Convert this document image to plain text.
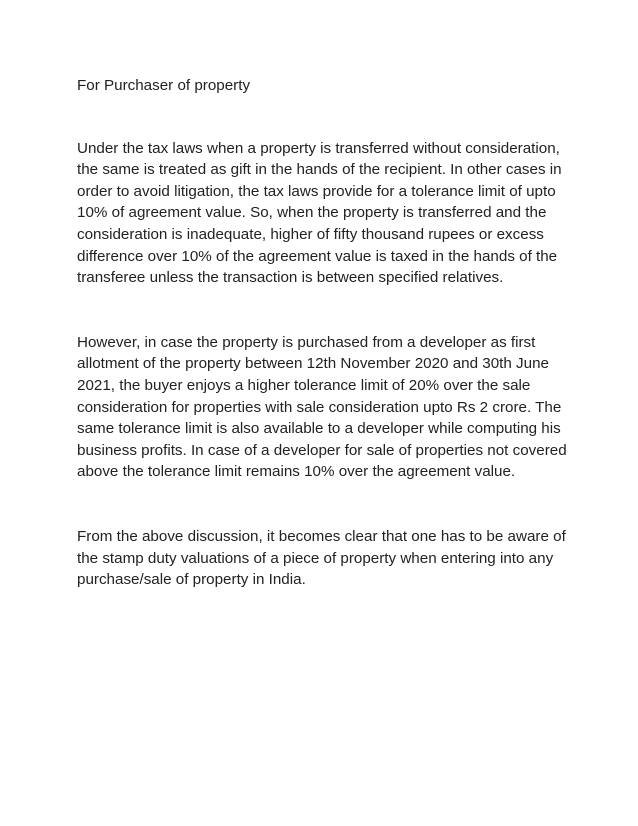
For Purchaser of property
Under the tax laws when a property is transferred without consideration, the same is treated as gift in the hands of the recipient. In other cases in order to avoid litigation, the tax laws provide for a tolerance limit of upto 10% of agreement value. So, when the property is transferred and the consideration is inadequate, higher of fifty thousand rupees or excess difference over 10% of the agreement value is taxed in the hands of the transferee unless the transaction is between specified relatives.
However, in case the property is purchased from a developer as first allotment of the property between 12th November 2020 and 30th June 2021, the buyer enjoys a higher tolerance limit of 20% over the sale consideration for properties with sale consideration upto Rs 2 crore. The same tolerance limit is also available to a developer while computing his business profits. In case of a developer for sale of properties not covered above the tolerance limit remains 10% over the agreement value.
From the above discussion, it becomes clear that one has to be aware of the stamp duty valuations of a piece of property when entering into any purchase/sale of property in India.
